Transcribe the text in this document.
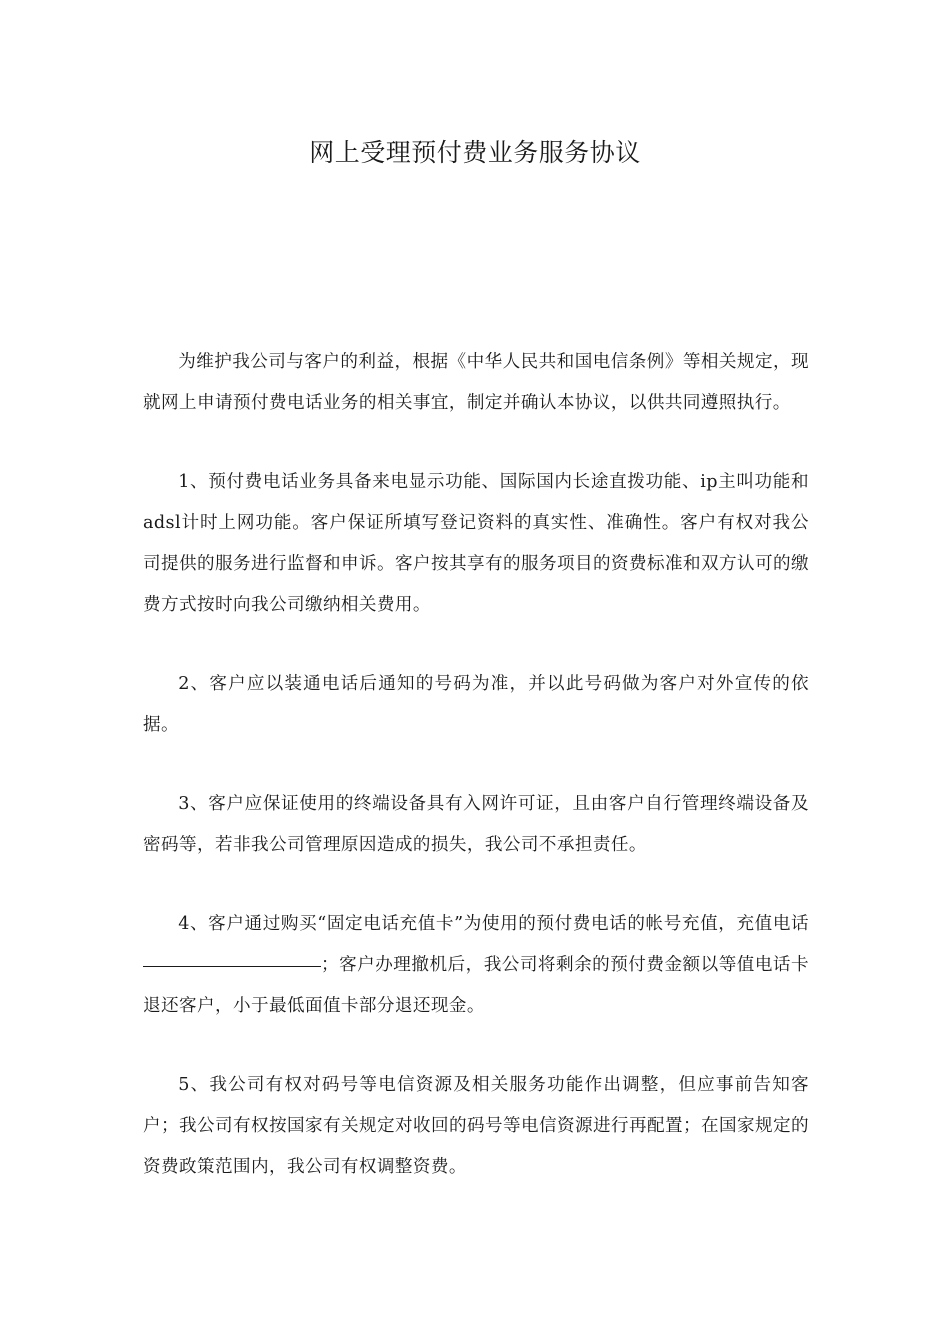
网上受理预付费业务服务协议

为维护我公司与客户的利益，根据《中华人民共和国电信条例》等相关规定，现就网上申请预付费电话业务的相关事宜，制定并确认本协议，以供共同遵照执行。

1、预付费电话业务具备来电显示功能、国际国内长途直拨功能、ip主叫功能和adsl计时上网功能。客户保证所填写登记资料的真实性、准确性。客户有权对我公司提供的服务进行监督和申诉。客户按其享有的服务项目的资费标准和双方认可的缴费方式按时向我公司缴纳相关费用。

2、客户应以装通电话后通知的号码为准，并以此号码做为客户对外宣传的依据。

3、客户应保证使用的终端设备具有入网许可证，且由客户自行管理终端设备及密码等，若非我公司管理原因造成的损失，我公司不承担责任。

4、客户通过购买“固定电话充值卡”为使用的预付费电话的帐号充值，充值电话；客户办理撤机后，我公司将剩余的预付费金额以等值电话卡退还客户，小于最低面值卡部分退还现金。

5、我公司有权对码号等电信资源及相关服务功能作出调整，但应事前告知客户；我公司有权按国家有关规定对收回的码号等电信资源进行再配置；在国家规定的资费政策范围内，我公司有权调整资费。
